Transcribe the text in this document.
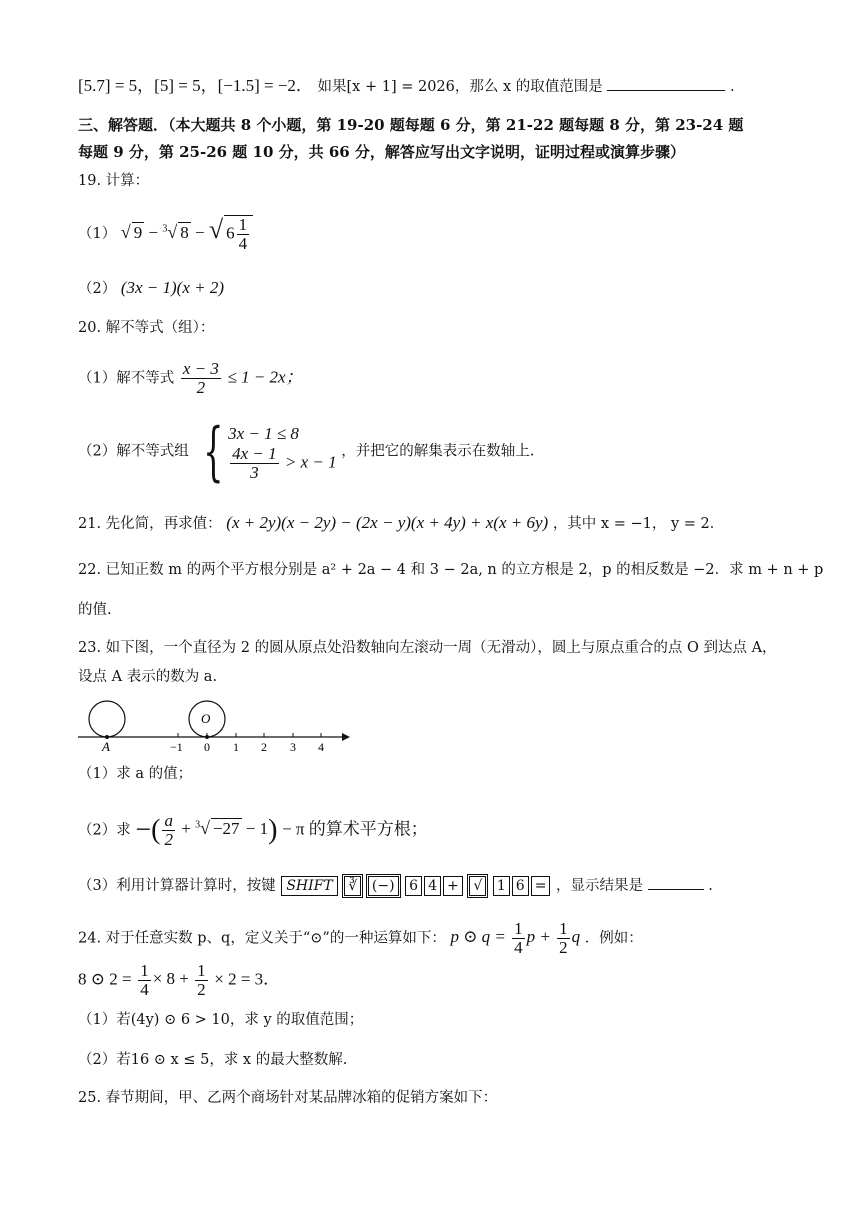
[5.7] = 5，[5] = 5，[−1.5] = −2． 如果[x + 1] = 2026，那么 x 的取值范围是	.
三、解答题．（本大题共 8 个小题，第 19-20 题每题 6 分，第 21-22 题每题 8 分，第 23-24 题
每题 9 分，第 25-26 题 10 分，共 66 分，解答应写出文字说明，证明过程或演算步骤）
19. 计算：
（1） √ 9 − $^3$√ 8 − √ $6 \frac{1}{4}$
（2） (3x − 1)(x + 2)
20. 解不等式（组）：
（1）解不等式 $\frac{x - 3}{2} \le 1 - 2x$；
（2）解不等式组 { 3x − 1 ≤ 8
$\frac{4x - 1}{3} > x - 1$
，并把它的解集表示在数轴上.
21. 先化简，再求值： (x + 2y)(x − 2y) − (2x − y)(x + 4y) + x(x + 6y) ，其中 x = −1， y = 2．
22. 已知正数 m 的两个平方根分别是 a² + 2a − 4 和 3 − 2a, n 的立方根是 2，p 的相反数是 −2．求 m + n + p
的值.
23. 如下图，一个直径为 2 的圆从原点处沿数轴向左滚动一周（无滑动），圆上与原点重合的点 O 到达点 A，
设点 A 表示的数为 a.
A
O
−1 0 1 2 3 4
（1）求 a 的值；
（2）求 −( $\frac{a}{2} + ^3√ -27 - 1) - \pi$ 的算术平方根；
（3）利用计算器计算时，按键 SHIFT ∛ (−) 6 4 + √ 1 6 = ，显示结果是	.
24. 对于任意实数 p、q，定义关于“⊙”的一种运算如下： p ⊙ $q = \frac{1}{4}$ $p + \frac{1}{2}$ q ．例如：
8 ⊙ $2 = \frac{1}{4} \times 8 + \frac{1}{2} \times 2 = 3$．
（1）若(4y) ⊙ 6 > 10，求 y 的取值范围；
（2）若16 ⊙ x ≤ 5，求 x 的最大整数解.
25. 春节期间，甲、乙两个商场针对某品牌冰箱的促销方案如下：
